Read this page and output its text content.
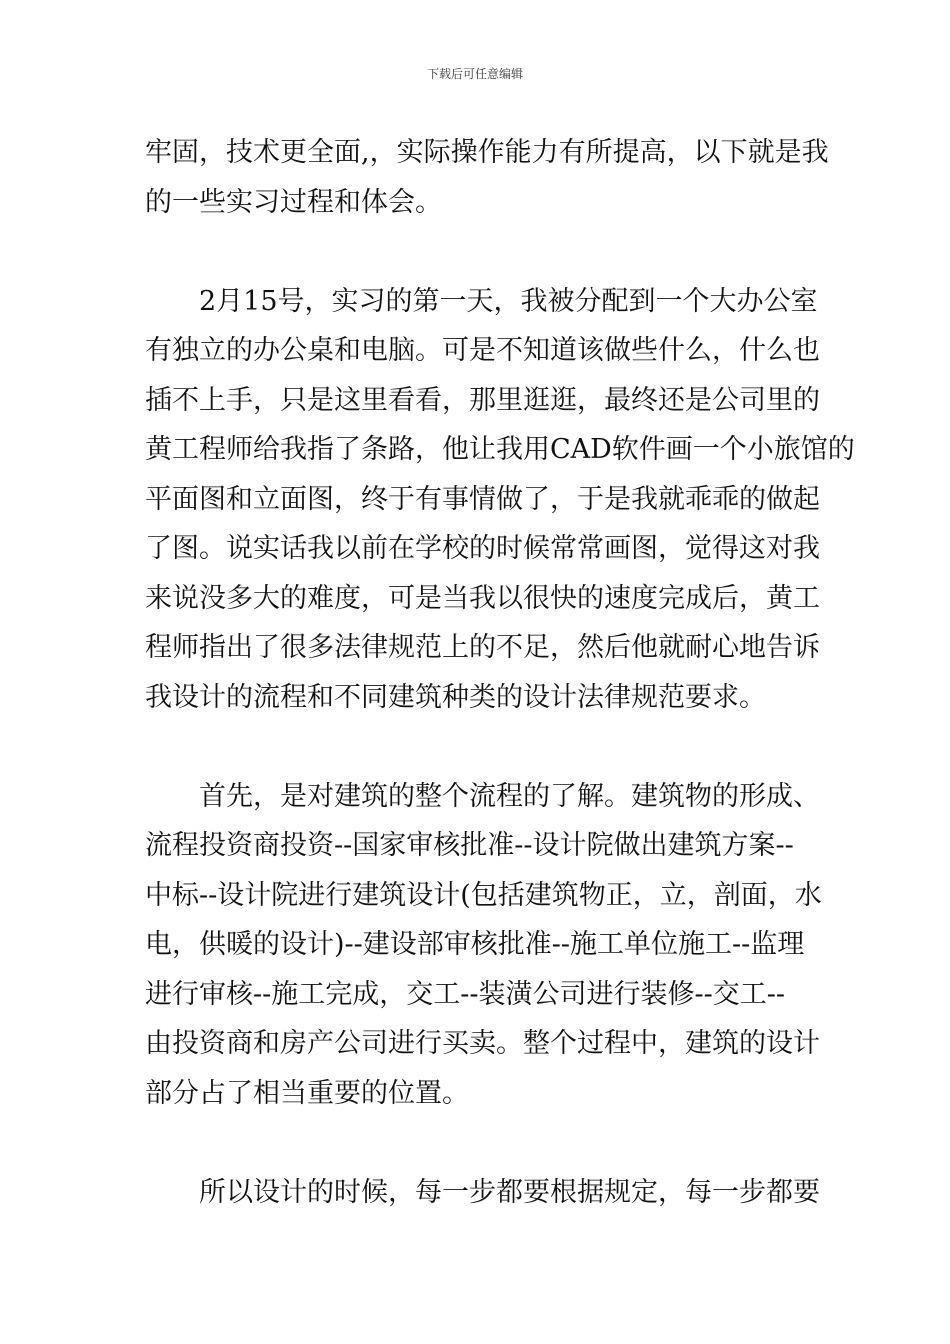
下载后可任意编辑
牢固，技术更全面,，实际操作能力有所提高，以下就是我
的一些实习过程和体会。
　　2月15号，实习的第一天，我被分配到一个大办公室
有独立的办公桌和电脑。可是不知道该做些什么，什么也
插不上手，只是这里看看，那里逛逛，最终还是公司里的
黄工程师给我指了条路，他让我用CAD软件画一个小旅馆的
平面图和立面图，终于有事情做了，于是我就乖乖的做起
了图。说实话我以前在学校的时候常常画图，觉得这对我
来说没多大的难度，可是当我以很快的速度完成后，黄工
程师指出了很多法律规范上的不足，然后他就耐心地告诉
我设计的流程和不同建筑种类的设计法律规范要求。
　　首先，是对建筑的整个流程的了解。建筑物的形成、
流程投资商投资--国家审核批准--设计院做出建筑方案--
中标--设计院进行建筑设计(包括建筑物正，立，剖面，水
电，供暖的设计)--建设部审核批准--施工单位施工--监理
进行审核--施工完成，交工--装潢公司进行装修--交工--
由投资商和房产公司进行买卖。整个过程中，建筑的设计
部分占了相当重要的位置。
　　所以设计的时候，每一步都要根据规定，每一步都要
